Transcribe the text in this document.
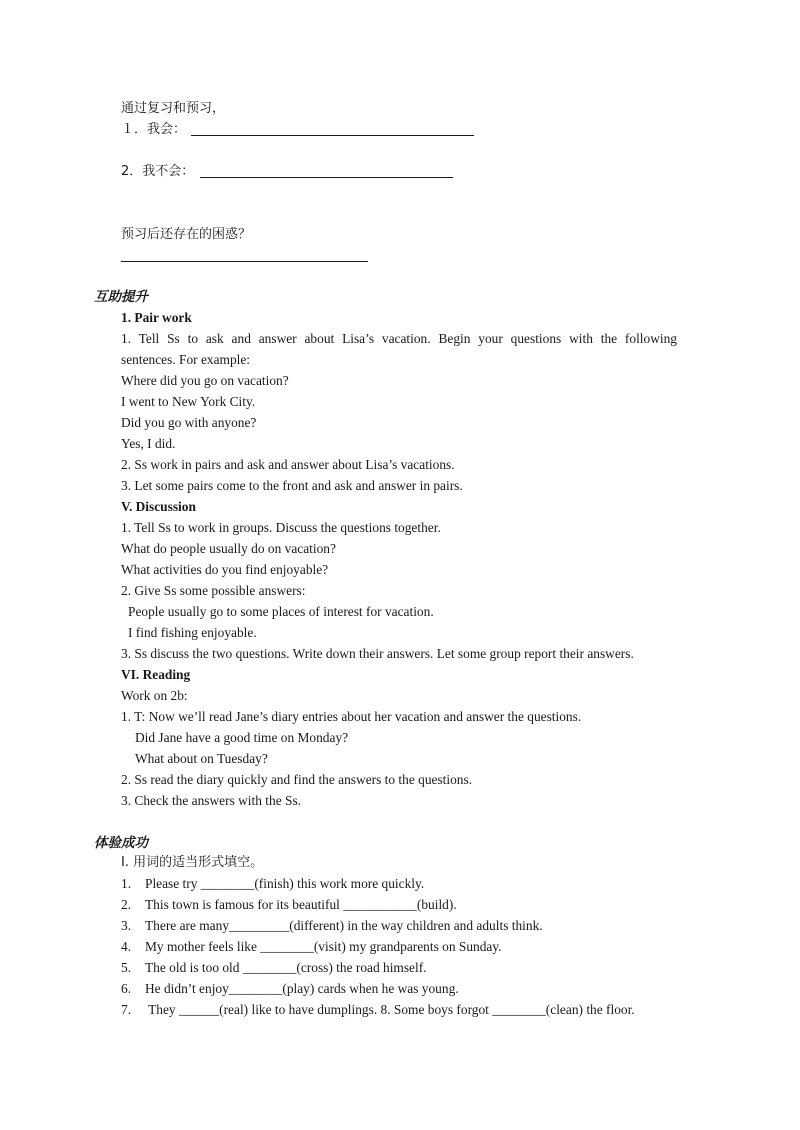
通过复习和预习，
１．我会：
2．我不会：
预习后还存在的困惑？
互助提升
1. Pair work
1. Tell Ss to ask and answer about Lisa’s vacation. Begin your questions with the following
sentences. For example:
Where did you go on vacation?
I went to New York City.
Did you go with anyone?
Yes, I did.
2. Ss work in pairs and ask and answer about Lisa’s vacations.
3. Let some pairs come to the front and ask and answer in pairs.
V. Discussion
1. Tell Ss to work in groups. Discuss the questions together.
What do people usually do on vacation?
What activities do you find enjoyable?
2. Give Ss some possible answers:
People usually go to some places of interest for vacation.
I find fishing enjoyable.
3. Ss discuss the two questions. Write down their answers. Let some group report their answers.
VI. Reading
Work on 2b:
1. T: Now we’ll read Jane’s diary entries about her vacation and answer the questions.
Did Jane have a good time on Monday?
What about on Tuesday?
2. Ss read the diary quickly and find the answers to the questions.
3. Check the answers with the Ss.
体验成功
I. 用词的适当形式填空。
1. Please try ________(finish) this work more quickly.
2. This town is famous for its beautiful ___________(build).
3. There are many_________(different) in the way children and adults think.
4. My mother feels like ________(visit) my grandparents on Sunday.
5. The old is too old ________(cross) the road himself.
6. He didn’t enjoy________(play) cards when he was young.
7. They ______(real) like to have dumplings. 8. Some boys forgot ________(clean) the floor.
